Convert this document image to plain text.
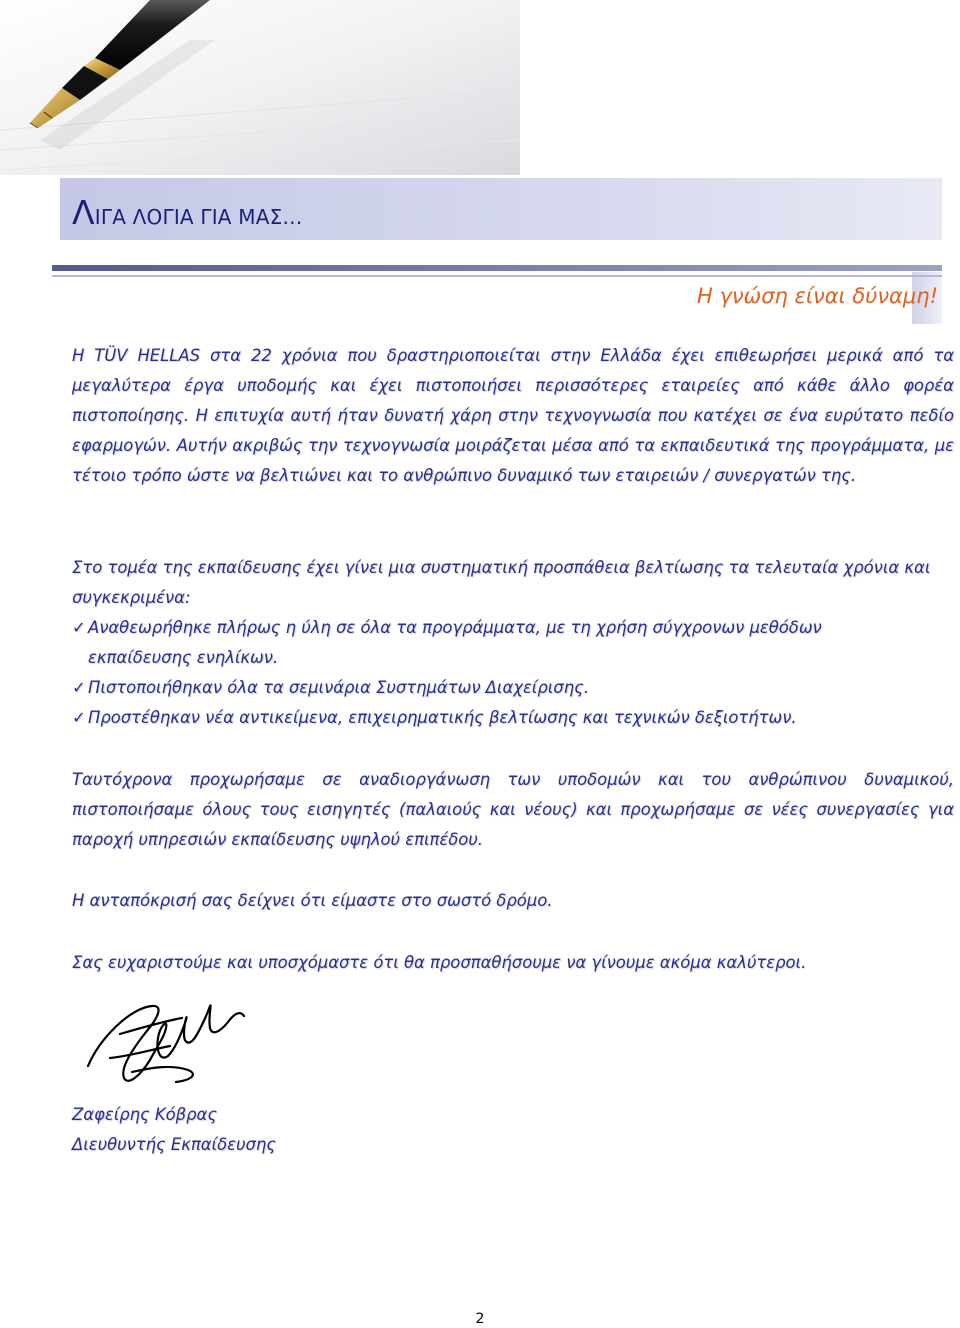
ΛΙΓΑ ΛΟΓΙΑ ΓΙΑ ΜΑΣ…
Η γνώση είναι δύναμη!
Η TÜV HELLAS στα 22 χρόνια που δραστηριοποιείται στην Ελλάδα έχει επιθεωρήσει μερικά από τα μεγαλύτερα έργα υποδομής και έχει πιστοποιήσει περισσότερες εταιρείες από κάθε άλλο φορέα πιστοποίησης. Η επιτυχία αυτή ήταν δυνατή χάρη στην τεχνογνωσία που κατέχει σε ένα ευρύτατο πεδίο εφαρμογών. Αυτήν ακριβώς την τεχνογνωσία μοιράζεται μέσα από τα εκπαιδευτικά της προγράμματα, με τέτοιο τρόπο ώστε να βελτιώνει και το ανθρώπινο δυναμικό των εταιρειών / συνεργατών της.
Στο τομέα της εκπαίδευσης έχει γίνει μια συστηματική προσπάθεια βελτίωσης τα τελευταία χρόνια και συγκεκριμένα:
✓ Αναθεωρήθηκε πλήρως η ύλη σε όλα τα προγράμματα, με τη χρήση σύγχρονων μεθόδων
εκπαίδευσης ενηλίκων.
✓ Πιστοποιήθηκαν όλα τα σεμινάρια Συστημάτων Διαχείρισης.
✓ Προστέθηκαν νέα αντικείμενα, επιχειρηματικής βελτίωσης και τεχνικών δεξιοτήτων.
Ταυτόχρονα προχωρήσαμε σε αναδιοργάνωση των υποδομών και του ανθρώπινου δυναμικού, πιστοποιήσαμε όλους τους εισηγητές (παλαιούς και νέους) και προχωρήσαμε σε νέες συνεργασίες για παροχή υπηρεσιών εκπαίδευσης υψηλού επιπέδου.
Η ανταπόκρισή σας δείχνει ότι είμαστε στο σωστό δρόμο.
Σας ευχαριστούμε και υποσχόμαστε ότι θα προσπαθήσουμε να γίνουμε ακόμα καλύτεροι.
Ζαφείρης Κόβρας
Διευθυντής Εκπαίδευσης
2
